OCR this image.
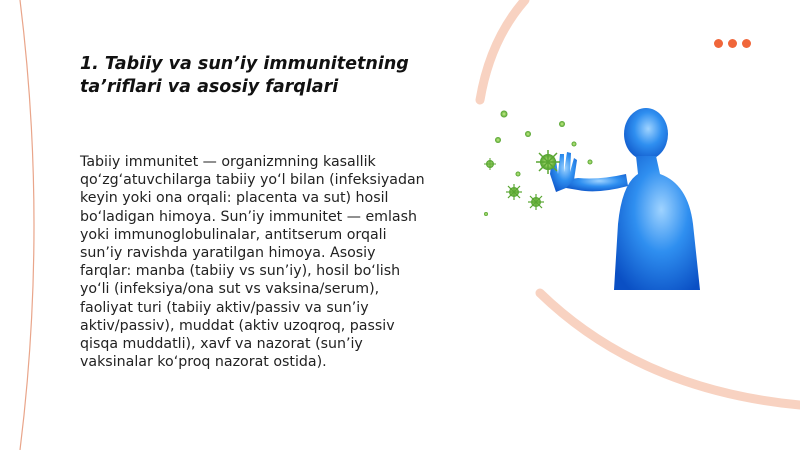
1. Tabiiy va sun’iy immunitetning ta’riflari va asosiy farqlari
Tabiiy immunitet — organizmning kasallik qo‘zg‘atuvchilarga tabiiy yo‘l bilan (infeksiyadan keyin yoki ona orqali: placenta va sut) hosil bo‘ladigan himoya. Sun’iy immunitet — emlash yoki immunoglobulinalar, antitserum orqali sun’iy ravishda yaratilgan himoya. Asosiy farqlar: manba (tabiiy vs sun’iy), hosil bo‘lish yo‘li (infeksiya/ona sut vs vaksina/serum), faoliyat turi (tabiiy aktiv/passiv va sun’iy aktiv/passiv), muddat (aktiv uzoqroq, passiv qisqa muddatli), xavf va nazorat (sun’iy vaksinalar ko‘proq nazorat ostida).
